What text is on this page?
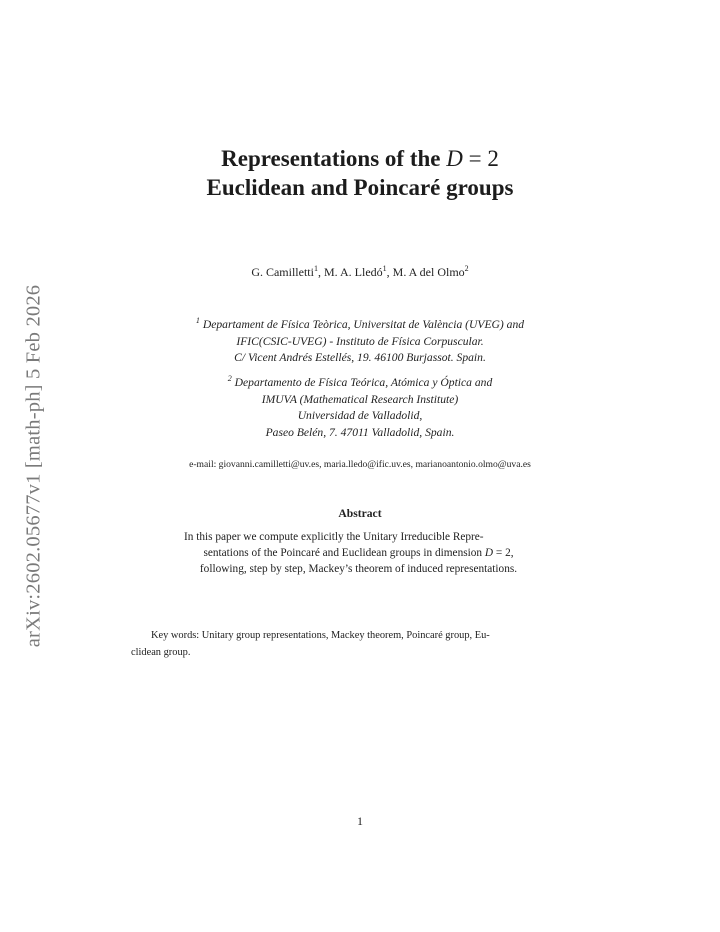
arXiv:2602.05677v1 [math-ph] 5 Feb 2026
Representations of the D = 2
Euclidean and Poincaré groups
G. Camilletti$^1$, M. A. Lledó$^1$, M. A del Olmo$^2$
$^1$ Departament de Física Teòrica, Universitat de València (UVEG) and
IFIC(CSIC-UVEG) - Instituto de Física Corpuscular.
C/ Vicent Andrés Estellés, 19. 46100 Burjassot. Spain.
$^2$ Departamento de Física Teórica, Atómica y Óptica and
IMUVA (Mathematical Research Institute)
Universidad de Valladolid,
Paseo Belén, 7. 47011 Valladolid, Spain.
e-mail: giovanni.camilletti@uv.es, maria.lledo@ific.uv.es, marianoantonio.olmo@uva.es
Abstract
In this paper we compute explicitly the Unitary Irreducible Repre-
sentations of the Poincaré and Euclidean groups in dimension D = 2,
following, step by step, Mackey’s theorem of induced representations.
Key words: Unitary group representations, Mackey theorem, Poincaré group, Eu-
clidean group.
1
